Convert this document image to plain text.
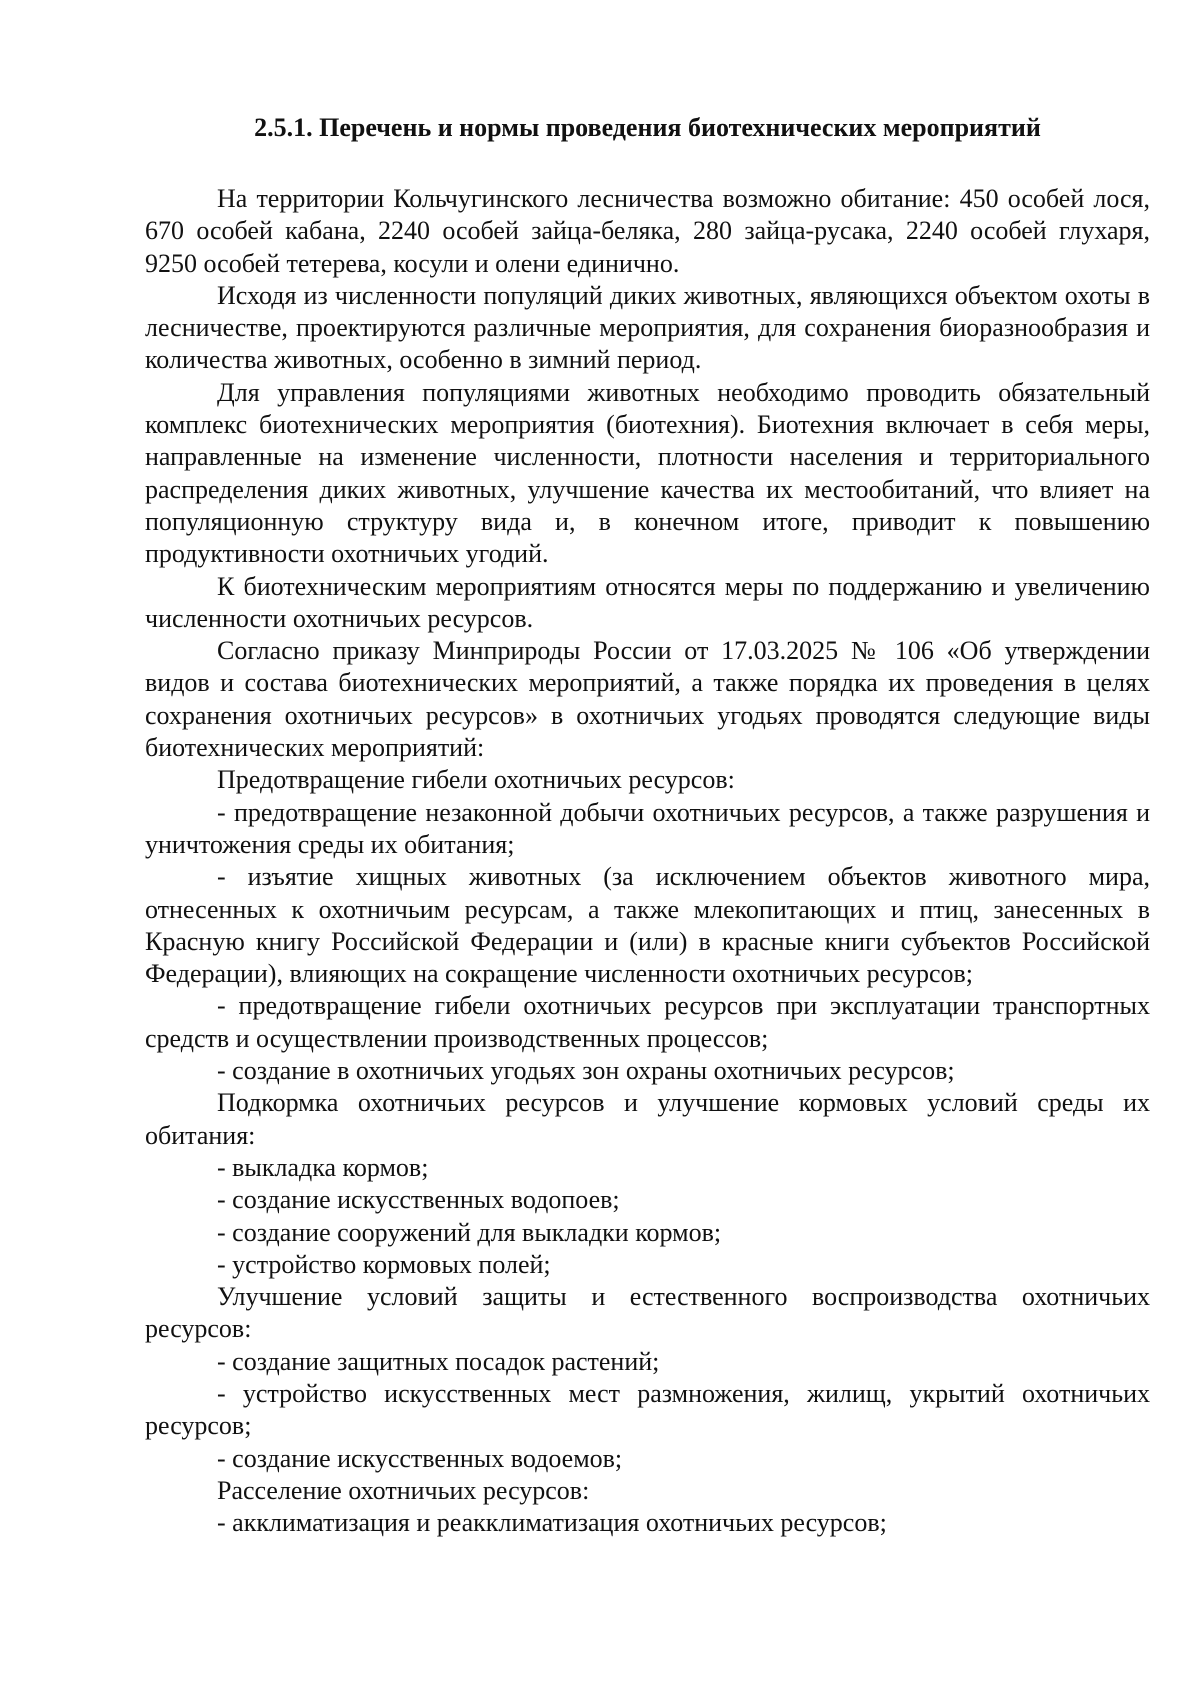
2.5.1. Перечень и нормы проведения биотехнических мероприятий

На территории Кольчугинского лесничества возможно обитание: 450 особей лося, 670 особей кабана, 2240 особей зайца-беляка, 280 зайца-русака, 2240 особей глухаря, 9250 особей тетерева, косули и олени единично.

Исходя из численности популяций диких животных, являющихся объектом охоты в лесничестве, проектируются различные мероприятия, для сохранения биоразнообразия и количества животных, особенно в зимний период.

Для управления популяциями животных необходимо проводить обязательный комплекс биотехнических мероприятия (биотехния). Биотехния включает в себя меры, направленные на изменение численности, плотности населения и территориального распределения диких животных, улучшение качества их местообитаний, что влияет на популяционную структуру вида и, в конечном итоге, приводит к повышению продуктивности охотничьих угодий.

К биотехническим мероприятиям относятся меры по поддержанию и увеличению численности охотничьих ресурсов.

Согласно приказу Минприроды России от 17.03.2025 № 106 «Об утверждении видов и состава биотехнических мероприятий, а также порядка их проведения в целях сохранения охотничьих ресурсов» в охотничьих угодьях проводятся следующие виды биотехнических мероприятий:

Предотвращение гибели охотничьих ресурсов:

- предотвращение незаконной добычи охотничьих ресурсов, а также разрушения и уничтожения среды их обитания;

- изъятие хищных животных (за исключением объектов животного мира, отнесенных к охотничьим ресурсам, а также млекопитающих и птиц, занесенных в Красную книгу Российской Федерации и (или) в красные книги субъектов Российской Федерации), влияющих на сокращение численности охотничьих ресурсов;

- предотвращение гибели охотничьих ресурсов при эксплуатации транспортных средств и осуществлении производственных процессов;

- создание в охотничьих угодьях зон охраны охотничьих ресурсов;

Подкормка охотничьих ресурсов и улучшение кормовых условий среды их обитания:

- выкладка кормов;

- создание искусственных водопоев;

- создание сооружений для выкладки кормов;

- устройство кормовых полей;

Улучшение условий защиты и естественного воспроизводства охотничьих ресурсов:

- создание защитных посадок растений;

- устройство искусственных мест размножения, жилищ, укрытий охотничьих ресурсов;

- создание искусственных водоемов;

Расселение охотничьих ресурсов:

- акклиматизация и реакклиматизация охотничьих ресурсов;
